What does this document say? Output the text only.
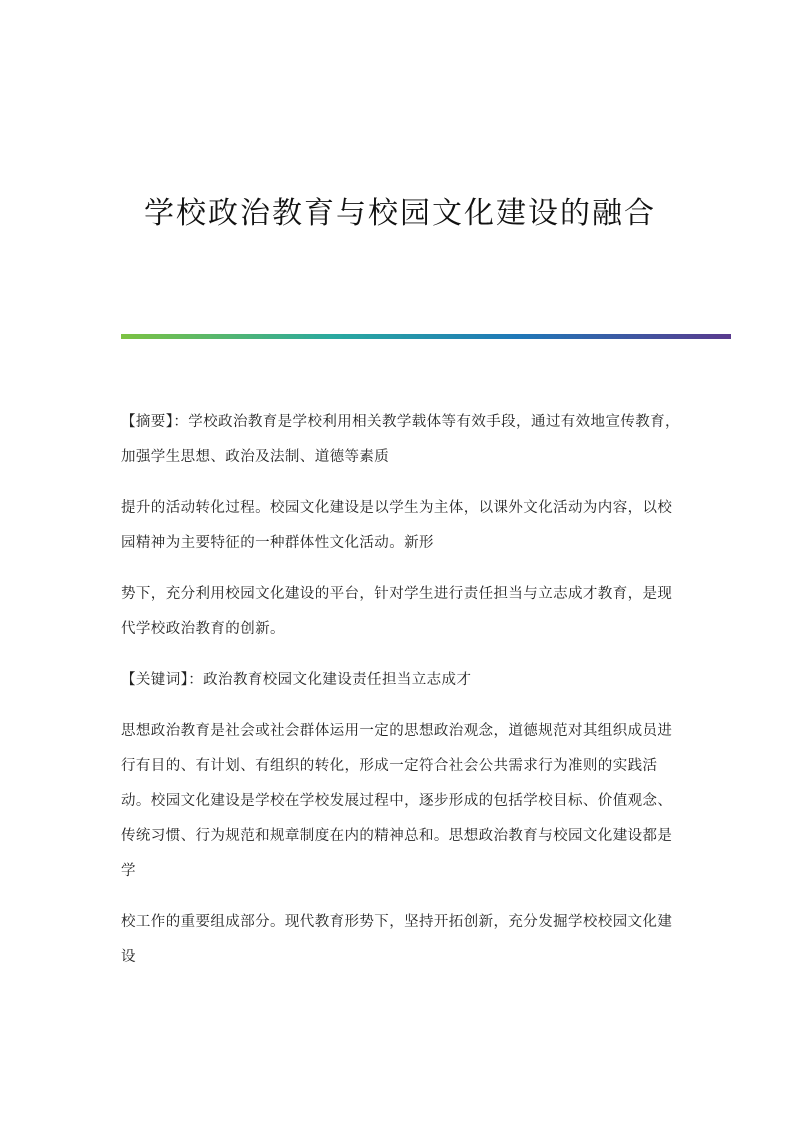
学校政治教育与校园文化建设的融合

【摘要】：学校政治教育是学校利用相关教学载体等有效手段，通过有效地宣传教育，加强学生思想、政治及法制、道德等素质

提升的活动转化过程。校园文化建设是以学生为主体，以课外文化活动为内容，以校园精神为主要特征的一种群体性文化活动。新形

势下，充分利用校园文化建设的平台，针对学生进行责任担当与立志成才教育，是现代学校政治教育的创新。

【关键词】：政治教育校园文化建设责任担当立志成才

思想政治教育是社会或社会群体运用一定的思想政治观念，道德规范对其组织成员进行有目的、有计划、有组织的转化，形成一定符合社会公共需求行为准则的实践活动。校园文化建设是学校在学校发展过程中，逐步形成的包括学校目标、价值观念、传统习惯、行为规范和规章制度在内的精神总和。思想政治教育与校园文化建设都是学

校工作的重要组成部分。现代教育形势下，坚持开拓创新，充分发掘学校校园文化建设
